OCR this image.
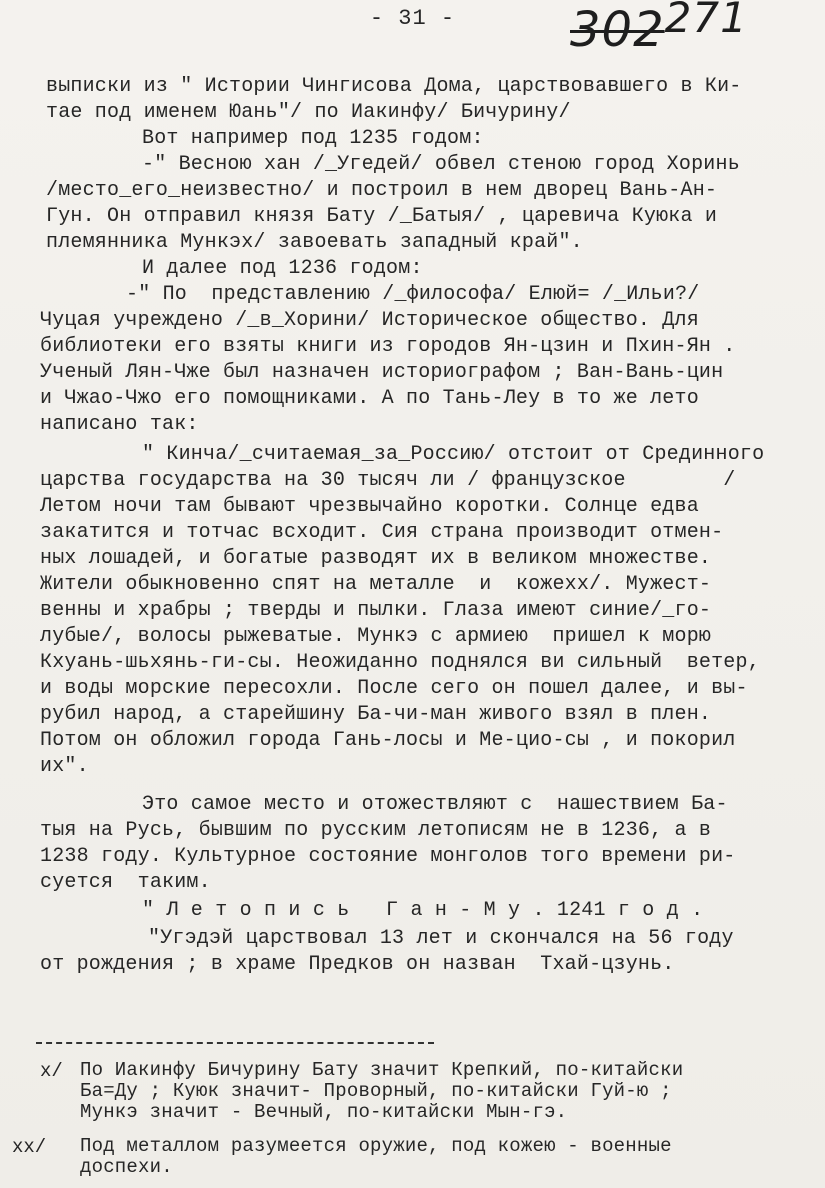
- 31 -	302271
выписки из " Истории Чингисова Дома, царствовавшего в Ки-
тае под именем Юань"/ по Иакинфу/ Бичурину/
Вот например под 1235 годом:
-" Весною хан /_Угедей/ обвел стеною город Хоринь
/место_его_неизвестно/ и построил в нем дворец Вань-Ан-
Гун. Он отправил князя Бату /_Батыя/ , царевича Куюка и
племянника Мункэx/ завоевать западный край".
И далее под 1236 годом:
-" По  представлению /_философа/ Елюй= /_Ильи?/
Чуцая учреждено /_в_Хорини/ Историческое общество. Для
библиотеки его взяты книги из городов Ян-цзин и Пхин-Ян .
Ученый Лян-Чже был назначен историографом ; Ван-Вань-цин
и Чжао-Чжо его помощниками. А по Тань-Леу в то же лето
написано так:
" Кинча/_считаемая_за_Россию/ отстоит от Срединного
царства государства на 30 тысяч ли / французское        /
Летом ночи там бывают чрезвычайно коротки. Солнце едва
закатится и тотчас всходит. Сия страна производит отмен-
ных лошадей, и богатые разводят их в великом множестве.
Жители обыкновенно спят на металле  и  кожеxx/. Мужест-
венны и храбры ; тверды и пылки. Глаза имеют синие/_го-
лубые/, волосы рыжеватые. Мункэ с армиею  пришел к морю
Кхуань-шьхянь-ги-сы. Неожиданно поднялся ви сильный  ветер,
и воды морские пересохли. После сего он пошел далее, и вы-
рубил народ, а старейшину Ба-чи-ман живого взял в плен.
Потом он обложил города Гань-лосы и Ме-цио-сы , и покорил
их".
Это самое место и отожествляют с  нашествием Ба-
тыя на Русь, бывшим по русским летописям не в 1236, а в
1238 году. Культурное состояние монголов того времени ри-
суется  таким.
" Л е т о п и с ь   Г а н - М у . 1241 г о д .
"Угэдэй царствовал 13 лет и скончался на 56 году
от рождения ; в храме Предков он назван  Тхай-цзунь.
x/ По Иакинфу Бичурину Бату значит Крепкий, по-китайски
Ба=Ду ; Куюк значит- Проворный, по-китайски Гуй-ю ;
Мункэ значит - Вечный, по-китайски Мын-гэ.
xx/ Под металлом разумеется оружие, под кожею - военные
доспехи.
